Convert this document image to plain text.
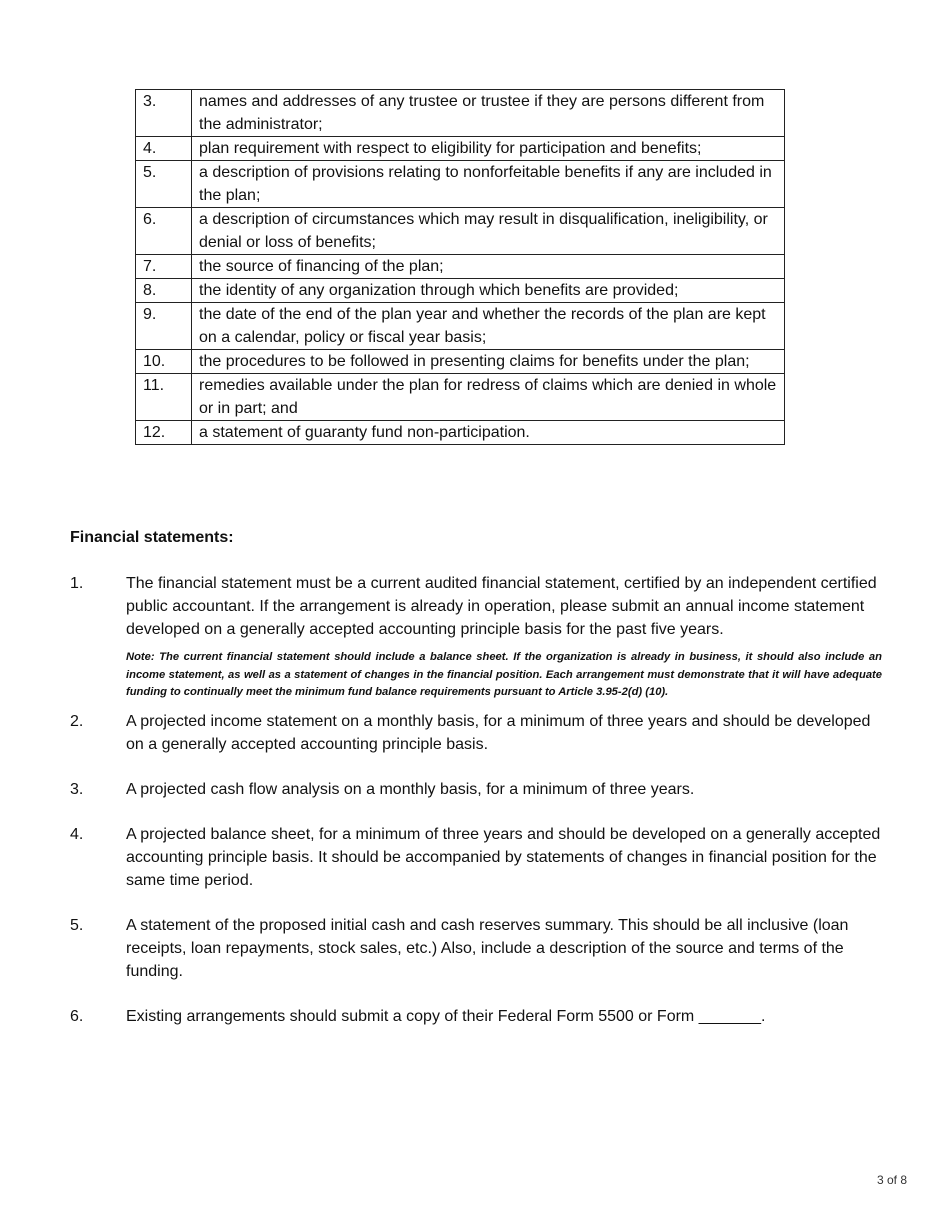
3.	names and addresses of any trustee or trustee if they are persons different from the administrator;
4.	plan requirement with respect to eligibility for participation and benefits;
5.	a description of provisions relating to nonforfeitable benefits if any are included in the plan;
6.	a description of circumstances which may result in disqualification, ineligibility, or denial or loss of benefits;
7.	the source of financing of the plan;
8.	the identity of any organization through which benefits are provided;
9.	the date of the end of the plan year and whether the records of the plan are kept on a calendar, policy or fiscal year basis;
10.	the procedures to be followed in presenting claims for benefits under the plan;
11.	remedies available under the plan for redress of claims which are denied in whole or in part; and
12.	a statement of guaranty fund non-participation.
Financial statements:
1.	The financial statement must be a current audited financial statement, certified by an independent certified public accountant. If the arrangement is already in operation, please submit an annual income statement developed on a generally accepted accounting principle basis for the past five years.
Note: The current financial statement should include a balance sheet. If the organization is already in business, it should also include an income statement, as well as a statement of changes in the financial position. Each arrangement must demonstrate that it will have adequate funding to continually meet the minimum fund balance requirements pursuant to Article 3.95-2(d) (10).
2.	A projected income statement on a monthly basis, for a minimum of three years and should be developed on a generally accepted accounting principle basis.
3.	A projected cash flow analysis on a monthly basis, for a minimum of three years.
4.	A projected balance sheet, for a minimum of three years and should be developed on a generally accepted accounting principle basis. It should be accompanied by statements of changes in financial position for the same time period.
5.	A statement of the proposed initial cash and cash reserves summary. This should be all inclusive (loan receipts, loan repayments, stock sales, etc.) Also, include a description of the source and terms of the funding.
6.	Existing arrangements should submit a copy of their Federal Form 5500 or Form _______.
3 of 8
